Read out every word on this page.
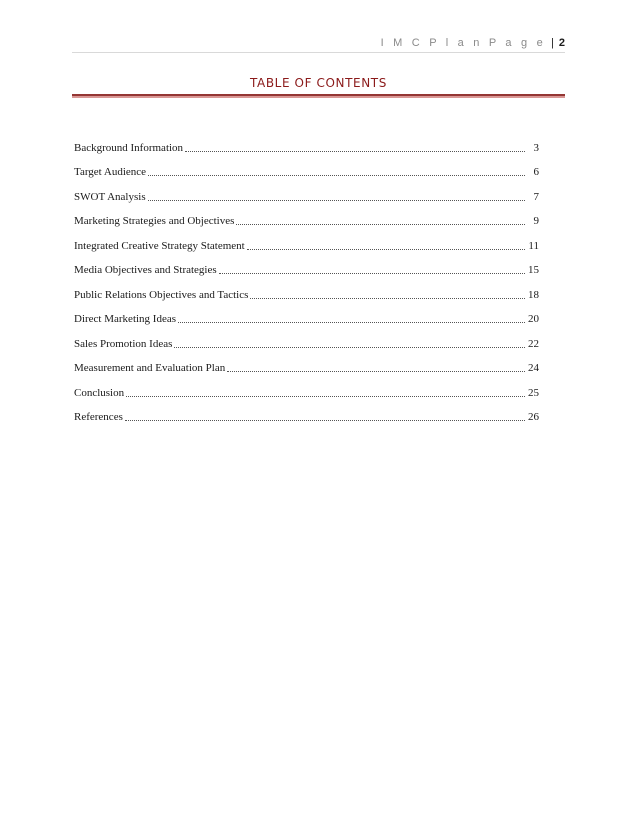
I M C P l a n P a g e | 2
TABLE OF CONTENTS
Background Information	3
Target Audience	6
SWOT Analysis	7
Marketing Strategies and Objectives	9
Integrated Creative Strategy Statement	11
Media Objectives and Strategies	15
Public Relations Objectives and Tactics	18
Direct Marketing Ideas	20
Sales Promotion Ideas	22
Measurement and Evaluation Plan	24
Conclusion	25
References	26
